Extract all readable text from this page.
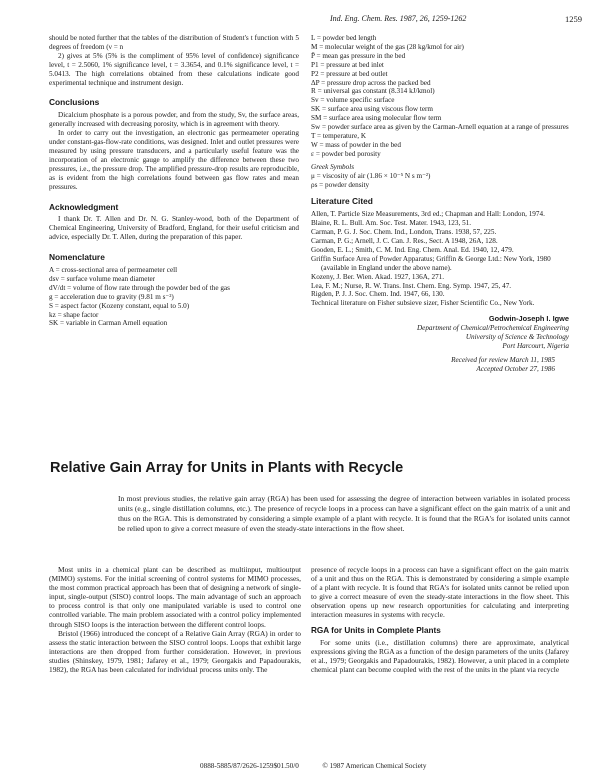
Ind. Eng. Chem. Res. 1987, 26, 1259-1262	1259

should be noted further that the tables of the distribution of Student's t function with 5 degrees of freedom (ν = n

2) gives at 5% (5% is the compliment of 95% level of confidence) significance level, t = 2.5060, 1% significance level, t = 3.3654, and 0.1% significance level, t = 5.0413. The high correlations obtained from these calculations indicate good experimental technique and instrument design.

Conclusions

Dicalcium phosphate is a porous powder, and from the study, Sv, the surface areas, generally increased with decreasing porosity, which is in agreement with theory.

In order to carry out the investigation, an electronic gas permeameter operating under constant-gas-flow-rate conditions, was designed. Inlet and outlet pressures were measured by using pressure transducers, and a particularly useful feature was the incorporation of an electronic gauge to amplify the difference between these two pressures, i.e., the pressure drop. The amplified pressure-drop results are reproducible, as is evident from the high correlations found between gas flow rates and mean pressures.

Acknowledgment

I thank Dr. T. Allen and Dr. N. G. Stanley-wood, both of the Department of Chemical Engineering, University of Bradford, England, for their useful criticism and advice, especially Dr. T. Allen, during the preparation of this paper.

Nomenclature
A = cross-sectional area of permeameter cell
dsv = surface volume mean diameter
dV/dt = volume of flow rate through the powder bed of the gas
g = acceleration due to gravity (9.81 m s⁻²)
S = aspect factor (Kozeny constant, equal to 5.0)
kz = shape factor
SK = variable in Carman Arnell equation
L = powder bed length
M = molecular weight of the gas (28 kg/kmol for air)
P̄ = mean gas pressure in the bed
P1 = pressure at bed inlet
P2 = pressure at bed outlet
ΔP = pressure drop across the packed bed
R = universal gas constant (8.314 kJ/kmol)
Sv = volume specific surface
SK = surface area using viscous flow term
SM = surface area using molecular flow term
Sw = powder surface area as given by the Carman-Arnell equation at a range of pressures
T = temperature, K
W = mass of powder in the bed
ε = powder bed porosity
Greek Symbols
μ = viscosity of air (1.86 × 10⁻⁵ N s m⁻²)
ρs = powder density
Literature Cited

Allen, T. Particle Size Measurements, 3rd ed.; Chapman and Hall: London, 1974.

Blaine, R. L. Bull. Am. Soc. Test. Mater. 1943, 123, 51.

Carman, P. G. J. Soc. Chem. Ind., London, Trans. 1938, 57, 225.

Carman, P. G.; Arnell, J. C. Can. J. Res., Sect. A 1948, 26A, 128.

Gooden, E. L.; Smith, C. M. Ind. Eng. Chem. Anal. Ed. 1940, 12, 479.

Griffin Surface Area of Powder Apparatus; Griffin & George Ltd.: New York, 1980 (available in England under the above name).

Kozeny, J. Ber. Wien. Akad. 1927, 136A, 271.

Lea, F. M.; Nurse, R. W. Trans. Inst. Chem. Eng. Symp. 1947, 25, 47.

Rigden, P. J. J. Soc. Chem. Ind. 1947, 66, 130.

Technical literature on Fisher subsieve sizer, Fisher Scientific Co., New York.

Godwin-Joseph I. Igwe
Department of Chemical/Petrochemical Engineering
University of Science & Technology
Port Harcourt, Nigeria
Received for review March 11, 1985
Accepted October 27, 1986
Relative Gain Array for Units in Plants with Recycle

In most previous studies, the relative gain array (RGA) has been used for assessing the degree of interaction between variables in isolated process units (e.g., single distillation columns, etc.). The presence of recycle loops in a process can have a significant effect on the gain matrix of a unit and thus on the RGA. This is demonstrated by considering a simple example of a plant with recycle. It is found that the RGA's for isolated units cannot be relied upon to give a correct measure of even the steady-state interactions in the flow sheet.

Most units in a chemical plant can be described as multiinput, multioutput (MIMO) systems. For the initial screening of control systems for MIMO processes, the most common practical approach has been that of designing a network of single-input, single-output (SISO) control loops. The main advantage of such an approach to process control is that only one manipulated variable is used to control one controlled variable. The main problem associated with a control policy implemented through SISO loops is the interaction between the different control loops.

Bristol (1966) introduced the concept of a Relative Gain Array (RGA) in order to assess the static interaction between the SISO control loops. Loops that exhibit large interactions are then dropped from further consideration. However, in previous studies (Shinskey, 1979, 1981; Jafarey et al., 1979; Georgakis and Papadourakis, 1982), the RGA has been calculated for individual process units only. The

presence of recycle loops in a process can have a significant effect on the gain matrix of a unit and thus on the RGA. This is demonstrated by considering a simple example of a plant with recycle. It is found that RGA's for isolated units cannot be relied upon to give a correct measure of even the steady-state interactions in the flow sheet. This observation opens up new research opportunities for calculating and interpreting interaction measures in systems with recycle.

RGA for Units in Complete Plants

For some units (i.e., distillation columns) there are approximate, analytical expressions giving the RGA as a function of the design parameters of the units (Jafarey et al., 1979; Georgakis and Papadourakis, 1982). However, a unit placed in a complete chemical plant can become coupled with the rest of the units in the plant via recycle

0888-5885/87/2626-1259$01.50/0	© 1987 American Chemical Society
